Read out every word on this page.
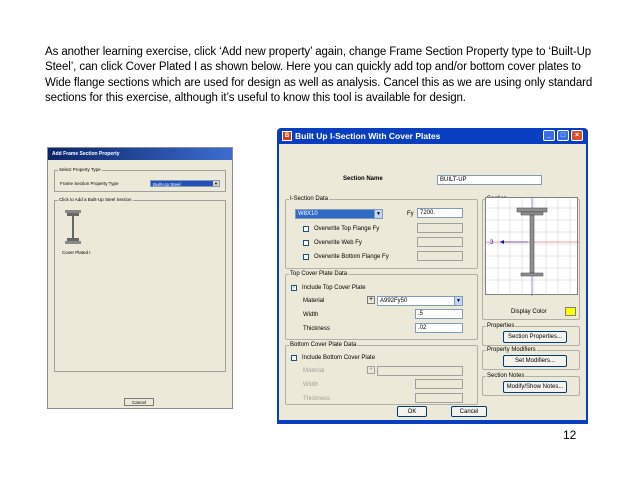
As another learning exercise, click ‘Add new property’ again, change Frame Section Property type to ‘Built-Up Steel’, can click Cover Plated I as shown below. Here you can quickly add top and/or bottom cover plates to Wide flange sections which are used for design as well as analysis. Cancel this as we are using only standard sections for this exercise, although it’s useful to know this tool is available for design.
Add Frame Section Property
Select Property Type
Frame Section Property Type	Built-Up Steel	▼
Click to Add a Built-Up Steel Section
Cover Plated I
Cancel
B Built Up I-Section With Cover Plates	_	□	×
Section Name	BUILT-UP
I-Section Data
W8X10	▼	Fy	7200.
Overwrite Top Flange Fy
Overwrite Web Fy
Overwrite Bottom Flange Fy
Top Cover Plate Data
✓ Include Top Cover Plate
Material	+	A992Fy50	▼
Width	.5
Thickness	.02
Bottom Cover Plate Data
Include Bottom Cover Plate
Material	+
Width
Thickness
3
Display Color
Properties
Section Properties...
Property Modifiers
Set Modifiers...
Section Notes
Modify/Show Notes...
OK	Cancel
12
